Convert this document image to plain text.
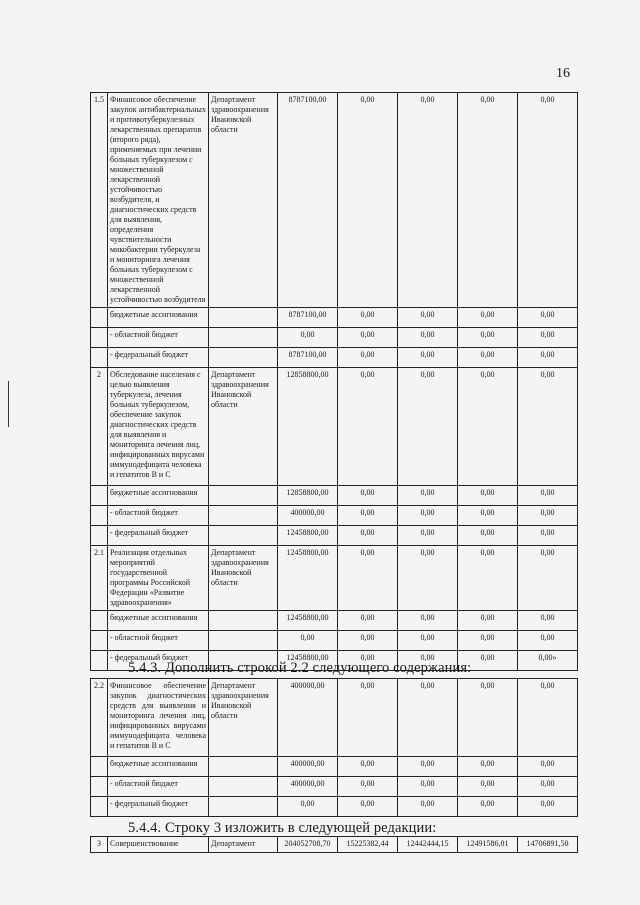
16
1.5	Финансовое обеспечение закупок антибактериальных и противотуберкулезных лекарственных препаратов (второго ряда), применяемых при лечении больных туберкулезом с множественной лекарственной устойчивостью возбудителя, и диагностических средств для выявления, определения чувствительности микобактерии туберкулеза и мониторинга лечения больных туберкулезом с множественной лекарственной устойчивостью возбудителя	Департамент здравоохранения Ивановской области	8787100,00	0,00	0,00	0,00	0,00
	бюджетные ассигнования		8787100,00	0,00	0,00	0,00	0,00
	- областной бюджет		0,00	0,00	0,00	0,00	0,00
	- федеральный бюджет		8787100,00	0,00	0,00	0,00	0,00
2	Обследование населения с целью выявления туберкулеза, лечения больных туберкулезом, обеспечение закупок диагностических средств для выявления и мониторинга лечения лиц, инфицированных вирусами иммунодефицита человека и гепатитов В и С	Департамент здравоохранения Ивановской области	12858800,00	0,00	0,00	0,00	0,00
	бюджетные ассигнования		12858800,00	0,00	0,00	0,00	0,00
	- областной бюджет		400000,00	0,00	0,00	0,00	0,00
	- федеральный бюджет		12458800,00	0,00	0,00	0,00	0,00
2.1	Реализация отдельных мероприятий государственной программы Российской Федерации «Развитие здравоохранения»	Департамент здравоохранения Ивановской области	12458800,00	0,00	0,00	0,00	0,00
	бюджетные ассигнования		12458800,00	0,00	0,00	0,00	0,00
	- областной бюджет		0,00	0,00	0,00	0,00	0,00
	- федеральный бюджет		12458800,00	0,00	0,00	0,00	0,00»
5.4.3. Дополнить строкой 2.2 следующего содержания:
2.2	Финансовое обеспечение закупок диагностических средств для выявления и мониторинга лечения лиц, инфицированных вирусами иммунодефицита человека и гепатитов В и С	Департамент здравоохранения Ивановской области	400000,00	0,00	0,00	0,00	0,00
	бюджетные ассигнования		400000,00	0,00	0,00	0,00	0,00
	- областной бюджет		400000,00	0,00	0,00	0,00	0,00
	- федеральный бюджет		0,00	0,00	0,00	0,00	0,00
5.4.4. Строку 3 изложить в следующей редакции:
3	Совершенствование	Департамент	204052708,70	15225382,44	12442444,15	12491586,01	14706891,50
